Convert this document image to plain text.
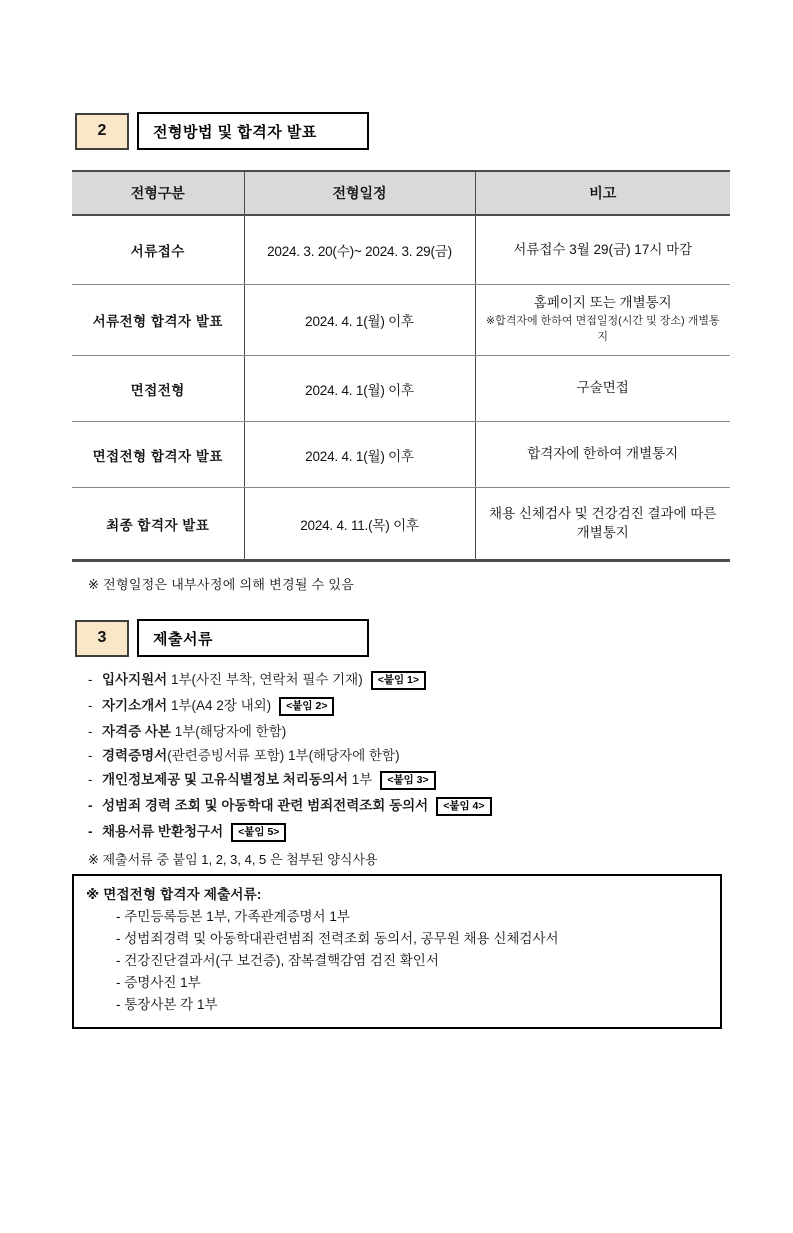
2	전형방법 및 합격자 발표
전형구분	전형일정	비고
서류접수	2024. 3. 20(수)~ 2024. 3. 29(금)	서류접수 3월 29(금) 17시 마감

서류전형 합격자 발표	2024. 4. 1(월) 이후	홈페이지 또는 개별통지
※합격자에 한하여 면접일정(시간 및 장소) 개별통지

면접전형	2024. 4. 1(월) 이후	구술면접

면접전형 합격자 발표	2024. 4. 1(월) 이후	합격자에 한하여 개별통지

최종 합격자 발표	2024. 4. 11.(목) 이후	채용 신체검사 및 건강검진 결과에 따른 개별통지
※ 전형일정은 내부사정에 의해 변경될 수 있음
3	제출서류
- 입사지원서 1부(사진 부착, 연락처 필수 기재) <붙임 1>
- 자기소개서 1부(A4 2장 내외) <붙임 2>
- 자격증 사본 1부(해당자에 한함)
- 경력증명서(관련증빙서류 포함) 1부(해당자에 한함)
- 개인정보제공 및 고유식별정보 처리동의서 1부 <붙임 3>
- 성범죄 경력 조회 및 아동학대 관련 범죄전력조회 동의서 <붙임 4>
- 채용서류 반환청구서 <붙임 5>
※ 제출서류 중 붙임 1, 2, 3, 4, 5 은 첨부된 양식사용
※ 면접전형 합격자 제출서류:
- 주민등록등본 1부, 가족관계증명서 1부
- 성범죄경력 및 아동학대관련범죄 전력조회 동의서, 공무원 채용 신체검사서
- 건강진단결과서(구 보건증), 잠복결핵감염 검진 확인서
- 증명사진 1부
- 통장사본 각 1부
